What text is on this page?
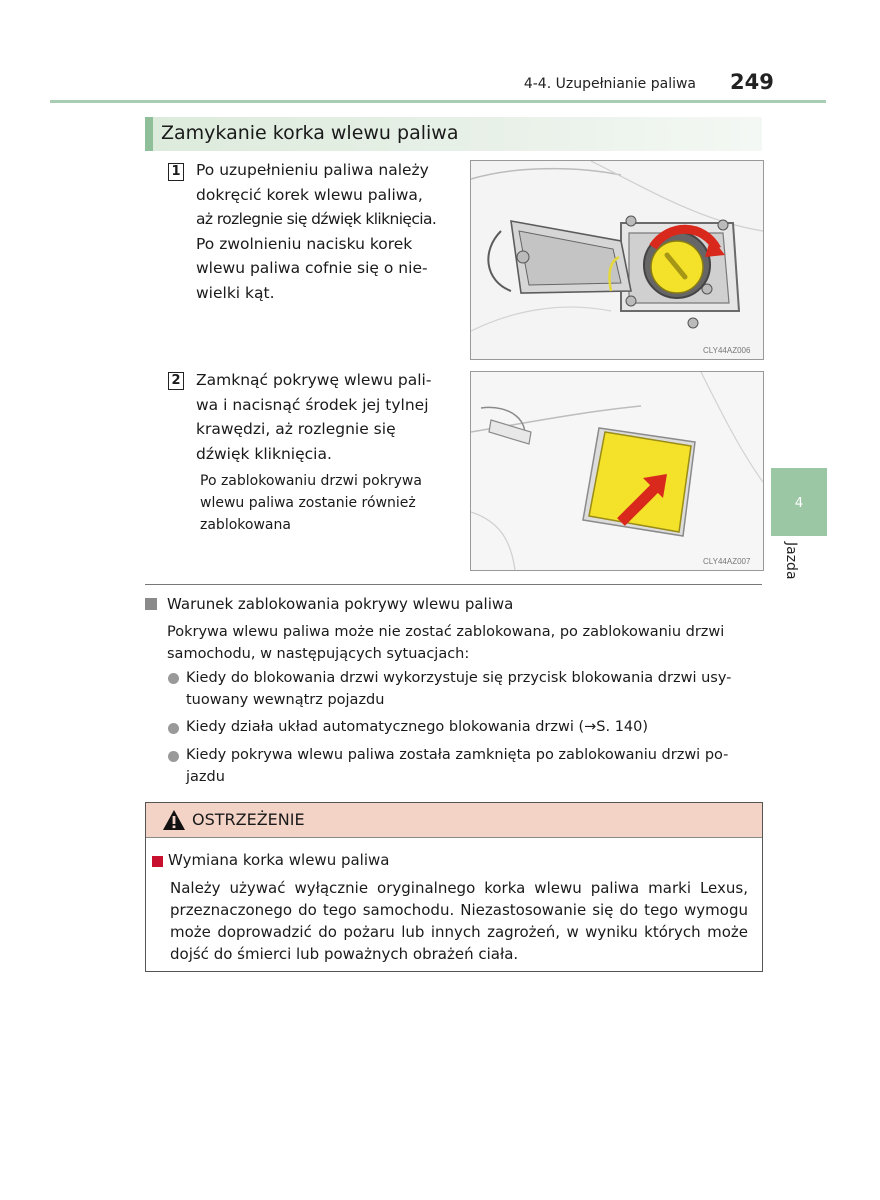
4-4. Uzupełnianie paliwa 249
Zamykanie korka wlewu paliwa
1 Po uzupełnieniu paliwa należy
dokręcić korek wlewu paliwa,
aż rozlegnie się dźwięk kliknięcia.
Po zwolnieniu nacisku korek
wlewu paliwa cofnie się o nie-
wielki kąt.
CLY44AZ006
2 Zamknąć pokrywę wlewu pali-
wa i nacisnąć środek jej tylnej
krawędzi, aż rozlegnie się
dźwięk kliknięcia.
Po zablokowaniu drzwi pokrywa
wlewu paliwa zostanie również
zablokowana
CLY44AZ007
4
Jazda
Warunek zablokowania pokrywy wlewu paliwa
Pokrywa wlewu paliwa może nie zostać zablokowana, po zablokowaniu drzwi
samochodu, w następujących sytuacjach:
Kiedy do blokowania drzwi wykorzystuje się przycisk blokowania drzwi usy-
tuowany wewnątrz pojazdu
Kiedy działa układ automatycznego blokowania drzwi (→S. 140)
Kiedy pokrywa wlewu paliwa została zamknięta po zablokowaniu drzwi po-
jazdu
OSTRZEŻENIE
Wymiana korka wlewu paliwa
Należy używać wyłącznie oryginalnego korka wlewu paliwa marki Lexus, przeznaczonego do tego samochodu. Niezastosowanie się do tego wymogu może doprowadzić do pożaru lub innych zagrożeń, w wyniku których może dojść do śmierci lub poważnych obrażeń ciała.
